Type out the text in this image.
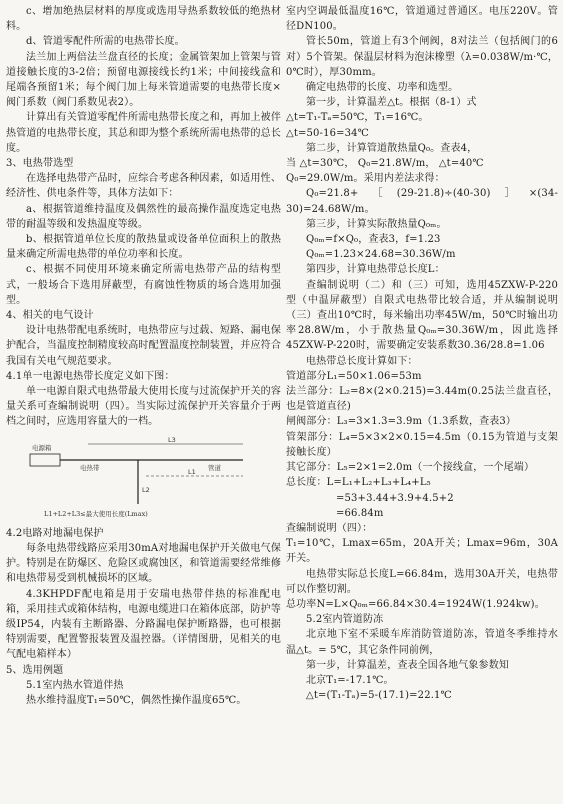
c、增加绝热层材料的厚度或选用导热系数较低的绝热材料。

d、管道零配件所需的电热带长度。

法兰加上两倍法兰盘直径的长度；金属管架加上管架与管道接触长度的3-2倍；预留电源接线长约1米；中间接线盒和尾端各预留1米；每个阀门加上每米管道需要的电热带长度×阀门系数（阀门系数见表2）。

计算出有关管道零配件所需电热带长度之和，再加上被伴热管道的电热带长度，其总和即为整个系统所需电热带的总长度。

3、电热带选型

在选择电热带产品时，应综合考虑各种因素，如适用性、经济性、供电条件等，具体方法如下：

a、根据管道维持温度及偶然性的最高操作温度选定电热带的耐温等级和发热温度等级。

b、根据管道单位长度的散热量或设备单位面积上的散热量来确定所需电热带的单位功率和长度。

c、根据不同使用环境来确定所需电热带产品的结构型式，一般场合下选用屏蔽型，有腐蚀性物质的场合选用加强型。

4、相关的电气设计

设计电热带配电系统时，电热带应与过载、短路、漏电保护配合，当温度控制精度较高时配置温度控制装置，并应符合我国有关电气规范要求。

4.1单一电源电热带长度定义如下图：

单一电源自限式电热带最大使用长度与过流保护开关的容量关系可查编制说明（四）。当实际过流保护开关容量介于两档之间时，应选用容量大的一档。

电源箱
L3
L1
L2
电热带	管道
L1+L2+L3≤最大使用长度(Lmax)

4.2电路对地漏电保护

每条电热带线路应采用30mA对地漏电保护开关做电气保护。特别是在防爆区、危险区或腐蚀区，和管道需要经常维修和电热带易受到机械损坏的区域。

4.3KHPDF配电箱是用于安瑞电热带伴热的标准配电箱，采用挂式或箱体结构，电源电缆进口在箱体底部，防护等级IP54，内装有主断路器、分路漏电保护断路器，也可根据特别需要，配置警报装置及温控器。（详情图册，见相关的电气配电箱样本）

5、选用例题

5.1室内热水管道伴热

热水维持温度T₁=50℃，偶然性操作温度65℃。

室内空调最低温度16℃，管道通过普通区。电压220V。管径DN100。

管长50m，管道上有3个闸阀，8对法兰（包括阀门的6对）5个管架。保温层材料为泡沫橡塑（λ=0.038W/m·℃，0℃时），厚30mm。

确定电热带的长度、功率和选型。

第一步，计算温差△t。根据（8-1）式

△t=T₁-Tₐ=50℃，T₁=16℃。

△t=50-16=34℃

第二步，计算管道散热量Q₀。查表4，

当 △t=30℃， Q₀=21.8W/m， △t=40℃

Q₀=29.0W/m。采用内差法求得：

Q₀=21.8+［(29-21.8)÷(40-30)］×(34-30)=24.68W/m。

第三步，计算实际散热量Q₀ₘ。

Q₀ₘ=f×Q₀，查表3，f=1.23

Q₀ₘ=1.23×24.68=30.36W/m

第四步，计算电热带总长度L：

查编制说明（二）和（三）可知，选用45ZXW-P-220型（中温屏蔽型）自限式电热带比较合适，并从编制说明（三）查出10℃时，每米输出功率45W/m，50℃时输出功率28.8W/m，小于散热量Q₀ₘ=30.36W/m，因此选择45ZXW-P-220时，需要确定安装系数30.36/28.8=1.06

电热带总长度计算如下：

管道部分L₁=50×1.06=53m

法兰部分：L₂=8×(2×0.215)=3.44m(0.25法兰盘直径，也是管道直径)

闸阀部分：L₃=3×1.3=3.9m（1.3系数，查表3）

管架部分：L₄=5×3×2×0.15=4.5m（0.15为管道与支架接触长度）

其它部分：L₅=2×1=2.0m（一个接线盒，一个尾端）

总长度：L=L₁+L₂+L₃+L₄+L₅

=53+3.44+3.9+4.5+2

=66.84m

查编制说明（四）：

T₁=10℃，Lmax=65m，20A开关；Lmax=96m，30A开关。

电热带实际总长度L=66.84m，选用30A开关，电热带可以作整切割。

总功率N=L×Q₀ₘ=66.84×30.4=1924W(1.924kw)。

5.2室内管道防冻

北京地下室不采暖车库消防管道防冻，管道冬季维持水温△t。= 5℃，其它条件同前例，

第一步，计算温差，查表全国各地气象参数知

北京T₁=-17.1℃。

△t=(T₁-Tₐ)=5-(17.1)=22.1℃
